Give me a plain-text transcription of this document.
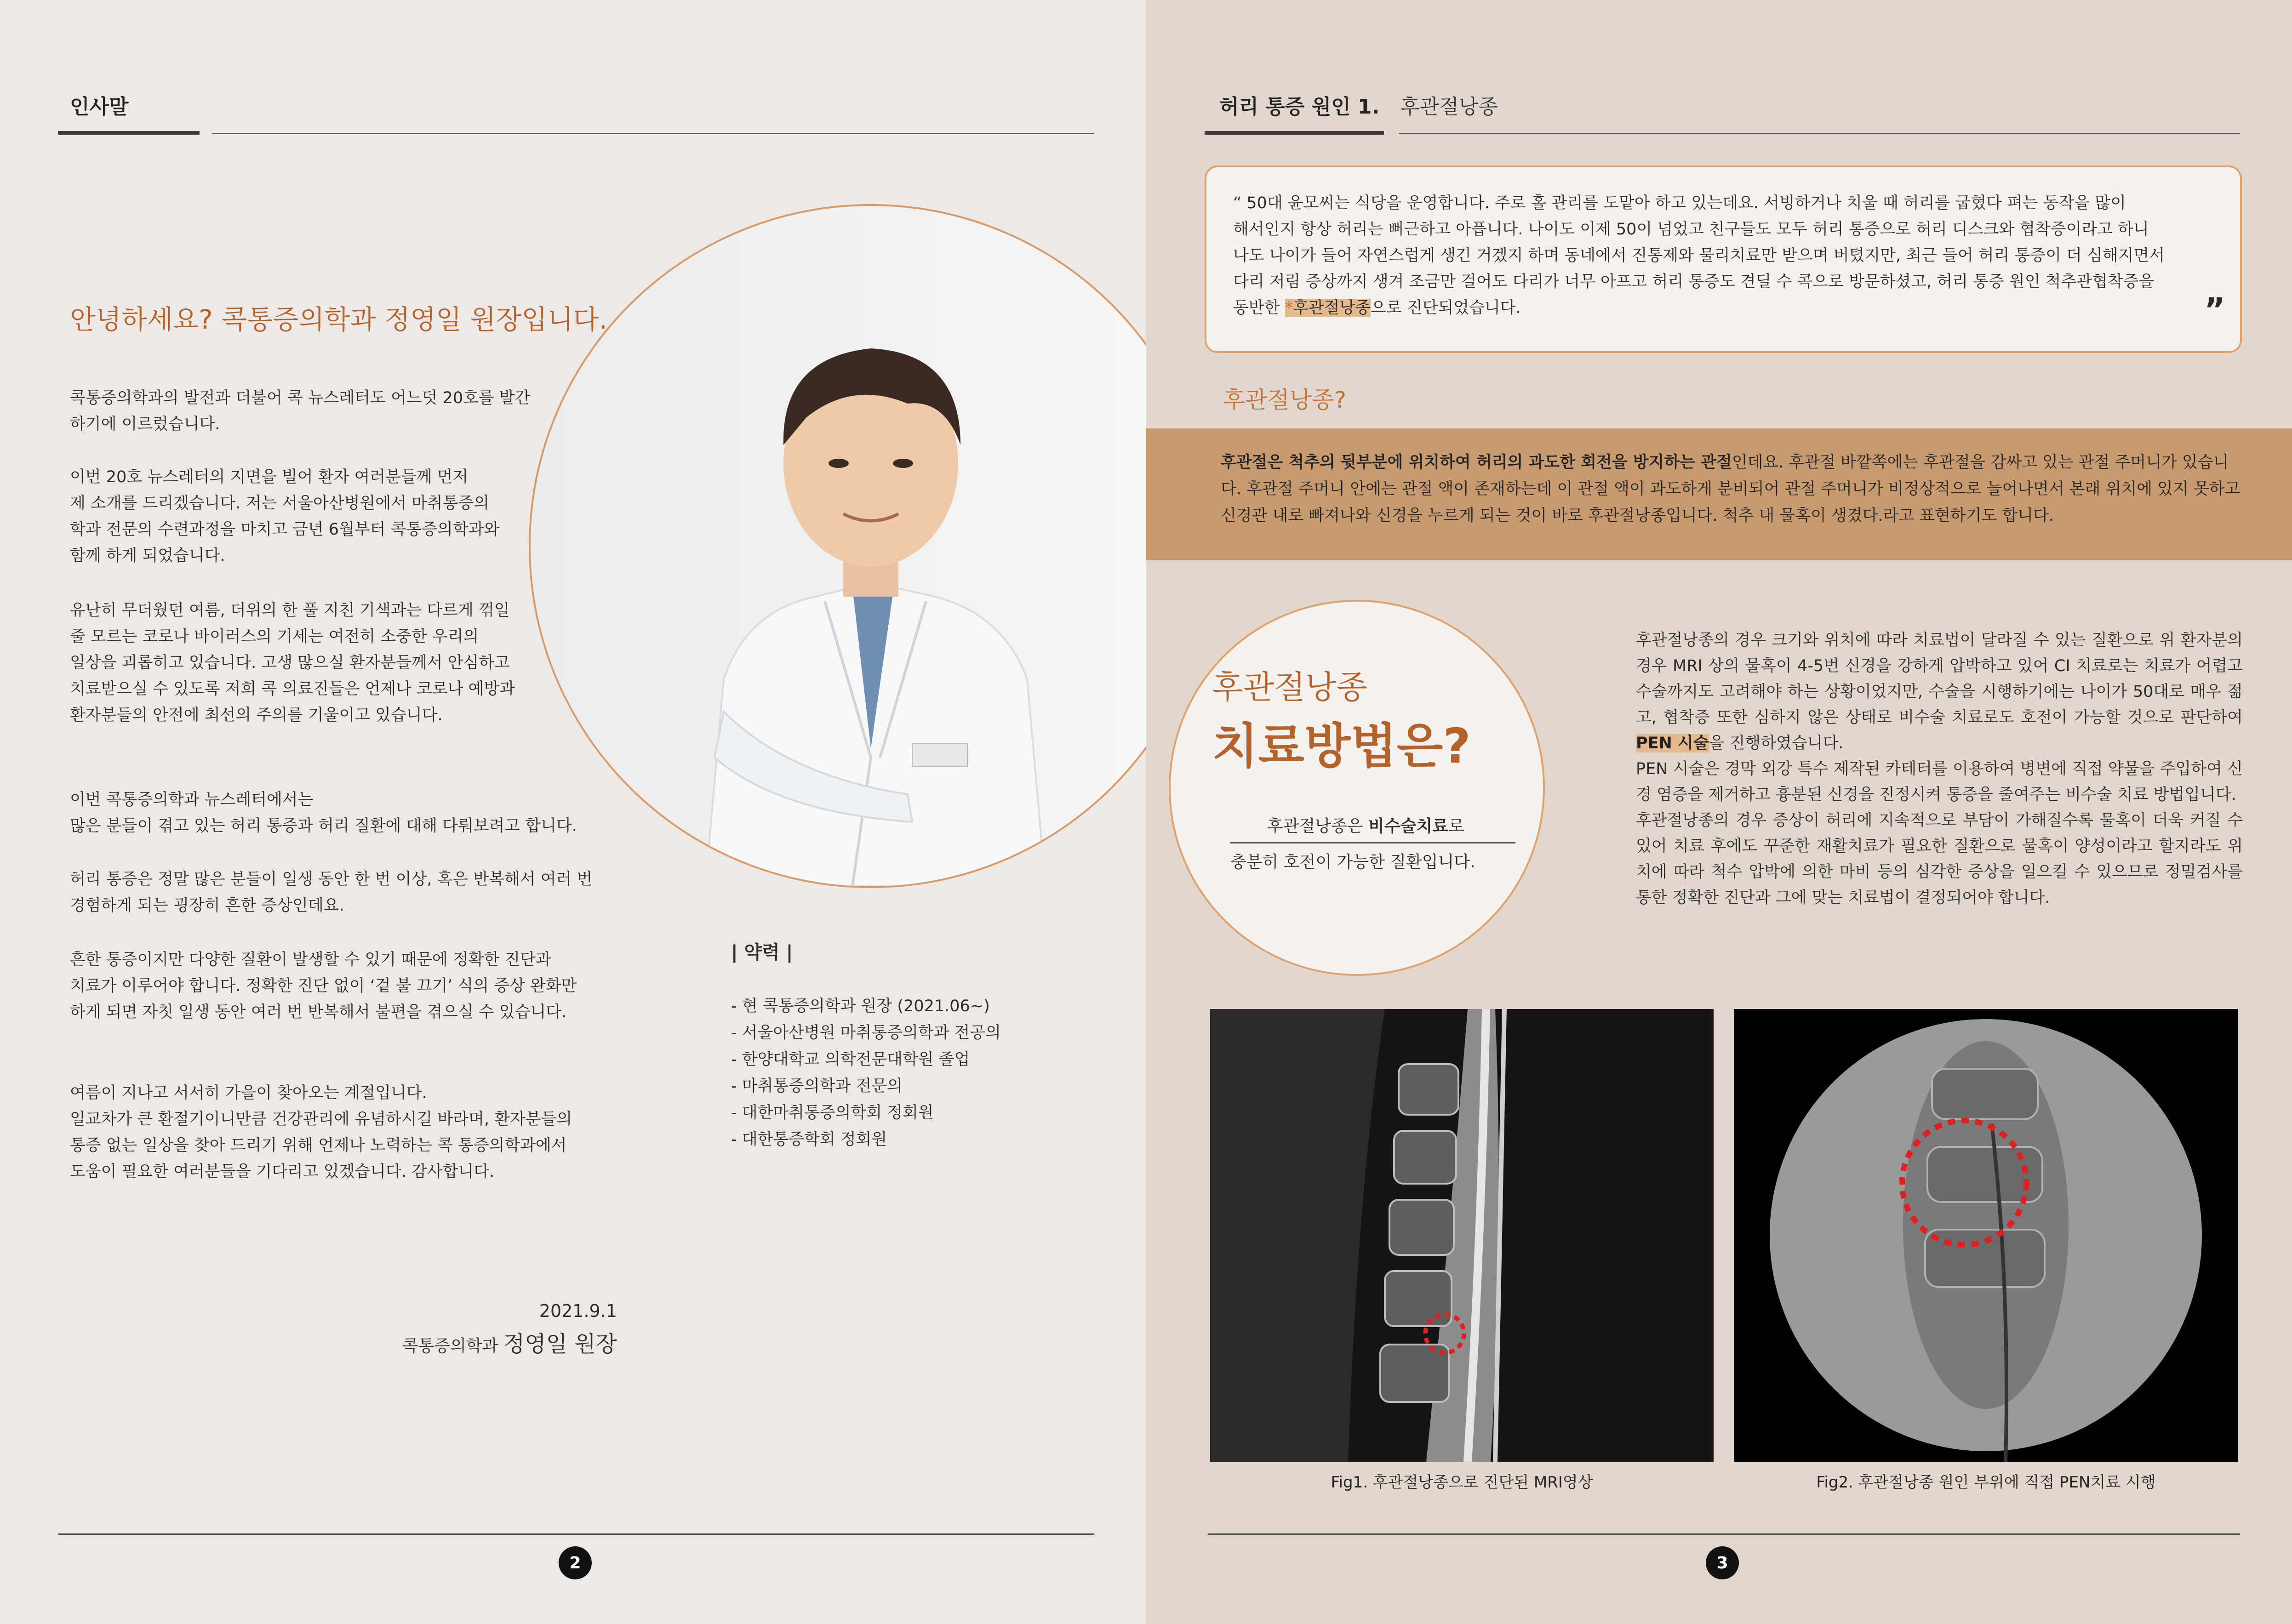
인사말
안녕하세요? 콕통증의학과 정영일 원장입니다.

콕통증의학과의 발전과 더불어 콕 뉴스레터도 어느덧 20호를 발간
하기에 이르렀습니다.

이번 20호 뉴스레터의 지면을 빌어 환자 여러분들께 먼저
제 소개를 드리겠습니다. 저는 서울아산병원에서 마취통증의
학과 전문의 수련과정을 마치고 금년 6월부터 콕통증의학과와
함께 하게 되었습니다.

유난히 무더웠던 여름, 더위의 한 풀 지친 기색과는 다르게 꺾일
줄 모르는 코로나 바이러스의 기세는 여전히 소중한 우리의
일상을 괴롭히고 있습니다. 고생 많으실 환자분들께서 안심하고
치료받으실 수 있도록 저희 콕 의료진들은 언제나 코로나 예방과
환자분들의 안전에 최선의 주의를 기울이고 있습니다.

이번 콕통증의학과 뉴스레터에서는
많은 분들이 겪고 있는 허리 통증과 허리 질환에 대해 다뤄보려고 합니다.

허리 통증은 정말 많은 분들이 일생 동안 한 번 이상, 혹은 반복해서 여러 번
경험하게 되는 굉장히 흔한 증상인데요.

흔한 통증이지만 다양한 질환이 발생할 수 있기 때문에 정확한 진단과
치료가 이루어야 합니다. 정확한 진단 없이 ‘겉 불 끄기’ 식의 증상 완화만
하게 되면 자칫 일생 동안 여러 번 반복해서 불편을 겪으실 수 있습니다.

여름이 지나고 서서히 가을이 찾아오는 계절입니다.
일교차가 큰 환절기이니만큼 건강관리에 유념하시길 바라며, 환자분들의
통증 없는 일상을 찾아 드리기 위해 언제나 노력하는 콕 통증의학과에서
도움이 필요한 여러분들을 기다리고 있겠습니다. 감사합니다.

| 약력 |
- 현 콕통증의학과 원장 (2021.06~)
- 서울아산병원 마취통증의학과 전공의
- 한양대학교 의학전문대학원 졸업
- 마취통증의학과 전문의
- 대한마취통증의학회 정회원
- 대한통증학회 정회원
2021.9.1
콕통증의학과 정영일 원장
2
허리 통증 원인 1. 후관절낭종

“ 50대 윤모씨는 식당을 운영합니다. 주로 홀 관리를 도맡아 하고 있는데요. 서빙하거나 치울 때 허리를 굽혔다 펴는 동작을 많이
해서인지 항상 허리는 뻐근하고 아픕니다. 나이도 이제 50이 넘었고 친구들도 모두 허리 통증으로 허리 디스크와 협착증이라고 하니
나도 나이가 들어 자연스럽게 생긴 거겠지 하며 동네에서 진통제와 물리치료만 받으며 버텼지만, 최근 들어 허리 통증이 더 심해지면서
다리 저림 증상까지 생겨 조금만 걸어도 다리가 너무 아프고 허리 통증도 견딜 수 콕으로 방문하셨고, 허리 통증 원인 척추관협착증을
동반한 *후관절낭종으로 진단되었습니다.	”
후관절낭종?

후관절은 척추의 뒷부분에 위치하여 허리의 과도한 회전을 방지하는 관절인데요. 후관절 바깥쪽에는 후관절을 감싸고 있는 관절 주머니가 있습니다. 후관절 주머니 안에는 관절 액이 존재하는데 이 관절 액이 과도하게 분비되어 관절 주머니가 비정상적으로 늘어나면서 본래 위치에 있지 못하고 신경관 내로 빠져나와 신경을 누르게 되는 것이 바로 후관절낭종입니다. 척추 내 물혹이 생겼다.라고 표현하기도 합니다.

후관절낭종
치료방법은?
후관절낭종은 비수술치료로
충분히 호전이 가능한 질환입니다.

후관절낭종의 경우 크기와 위치에 따라 치료법이 달라질 수 있는 질환으로 위 환자분의 경우 MRI 상의 물혹이 4-5번 신경을 강하게 압박하고 있어 CI 치료로는 치료가 어렵고 수술까지도 고려해야 하는 상황이었지만, 수술을 시행하기에는 나이가 50대로 매우 젊고, 협착증 또한 심하지 않은 상태로 비수술 치료로도 호전이 가능할 것으로 판단하여 PEN 시술을 진행하였습니다.

PEN 시술은 경막 외강 특수 제작된 카테터를 이용하여 병변에 직접 약물을 주입하여 신경 염증을 제거하고 흉분된 신경을 진정시켜 통증을 줄여주는 비수술 치료 방법입니다.

후관절낭종의 경우 증상이 허리에 지속적으로 부담이 가해질수록 물혹이 더욱 커질 수 있어 치료 후에도 꾸준한 재활치료가 필요한 질환으로 물혹이 양성이라고 할지라도 위치에 따라 척수 압박에 의한 마비 등의 심각한 증상을 일으킬 수 있으므로 정밀검사를 통한 정확한 진단과 그에 맞는 치료법이 결정되어야 합니다.

Fig1. 후관절낭종으로 진단된 MRI영상	Fig2. 후관절낭종 원인 부위에 직접 PEN치료 시행
3
